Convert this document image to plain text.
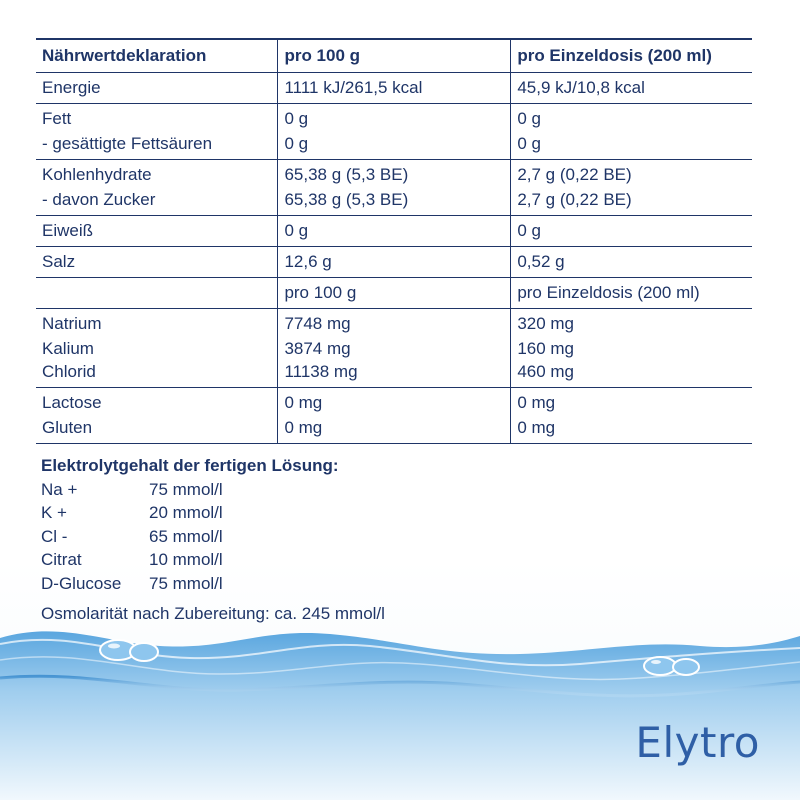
Nährwertdeklaration	pro 100 g	pro Einzeldosis (200 ml)
Energie	1111 kJ/261,5 kcal	45,9 kJ/10,8 kcal
Fett	0 g	0 g
- gesättigte Fettsäuren	0 g	0 g
Kohlenhydrate	65,38 g (5,3 BE)	2,7 g (0,22 BE)
- davon Zucker	65,38 g (5,3 BE)	2,7 g (0,22 BE)
Eiweiß	0 g	0 g
Salz	12,6 g	0,52 g
	pro 100 g	pro Einzeldosis (200 ml)
Natrium	7748 mg	320 mg
Kalium	3874 mg	160 mg
Chlorid	11138 mg	460 mg
Lactose	0 mg	0 mg
Gluten	0 mg	0 mg
Elektrolytgehalt der fertigen Lösung:
Na +	75 mmol/l
K +	20 mmol/l
Cl -	65 mmol/l
Citrat	10 mmol/l
D-Glucose	75 mmol/l
Osmolarität nach Zubereitung: ca. 245 mmol/l
Elytro
